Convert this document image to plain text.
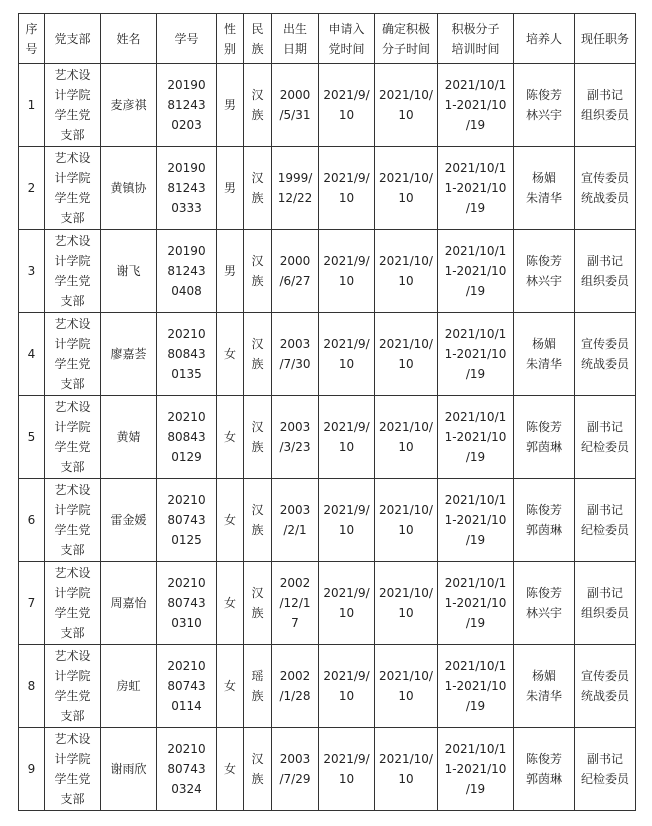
序
号	党支部	姓名	学号	性
别	民
族	出生
日期	申请入
党时间	确定积极
分子时间	积极分子
培训时间	培养人	现任职务
1	艺术设
计学院
学生党
支部	麦彦祺	20190
81243
0203	男	汉
族	2000
/5/31	2021/9/
10	2021/10/
10	2021/10/1
1-2021/10
/19	陈俊芳
林兴宇	副书记
组织委员
2	艺术设
计学院
学生党
支部	黄镇协	20190
81243
0333	男	汉
族	1999/
12/22	2021/9/
10	2021/10/
10	2021/10/1
1-2021/10
/19	杨媚
朱清华	宣传委员
统战委员
3	艺术设
计学院
学生党
支部	谢飞	20190
81243
0408	男	汉
族	2000
/6/27	2021/9/
10	2021/10/
10	2021/10/1
1-2021/10
/19	陈俊芳
林兴宇	副书记
组织委员
4	艺术设
计学院
学生党
支部	廖嘉荟	20210
80843
0135	女	汉
族	2003
/7/30	2021/9/
10	2021/10/
10	2021/10/1
1-2021/10
/19	杨媚
朱清华	宣传委员
统战委员
5	艺术设
计学院
学生党
支部	黄婧	20210
80843
0129	女	汉
族	2003
/3/23	2021/9/
10	2021/10/
10	2021/10/1
1-2021/10
/19	陈俊芳
郭茵琳	副书记
纪检委员
6	艺术设
计学院
学生党
支部	雷金媛	20210
80743
0125	女	汉
族	2003
/2/1	2021/9/
10	2021/10/
10	2021/10/1
1-2021/10
/19	陈俊芳
郭茵琳	副书记
纪检委员
7	艺术设
计学院
学生党
支部	周嘉怡	20210
80743
0310	女	汉
族	2002
/12/1
7	2021/9/
10	2021/10/
10	2021/10/1
1-2021/10
/19	陈俊芳
林兴宇	副书记
组织委员
8	艺术设
计学院
学生党
支部	房虹	20210
80743
0114	女	瑶
族	2002
/1/28	2021/9/
10	2021/10/
10	2021/10/1
1-2021/10
/19	杨媚
朱清华	宣传委员
统战委员
9	艺术设
计学院
学生党
支部	谢雨欣	20210
80743
0324	女	汉
族	2003
/7/29	2021/9/
10	2021/10/
10	2021/10/1
1-2021/10
/19	陈俊芳
郭茵琳	副书记
纪检委员
